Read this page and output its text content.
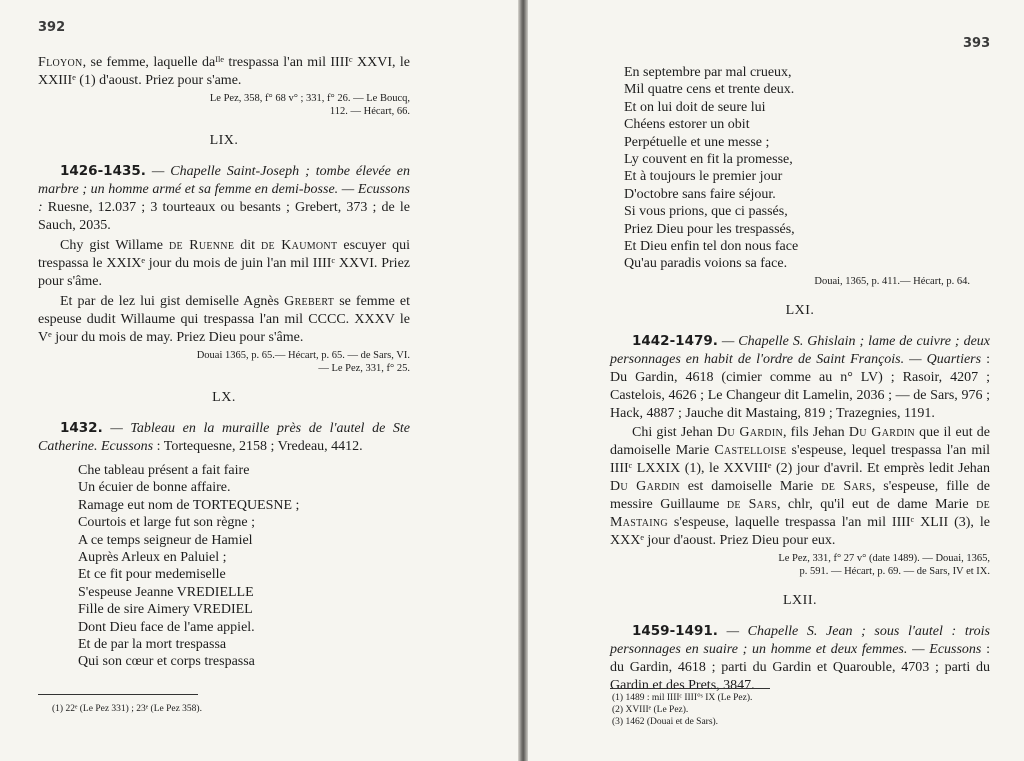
392

Floyon, se femme, laquelle daᴵˡᵉ trespassa l'an mil IIIIᶜ XXVI, le XXIIIᵉ (1) d'aoust. Priez pour s'ame.

Le Pez, 358, f° 68 v° ; 331, f° 26. — Le Boucq,
112. — Hécart, 66.
LIX.

1426-1435. — Chapelle Saint-Joseph ; tombe élevée en marbre ; un homme armé et sa femme en demi-bosse. — Ecussons : Ruesne, 12.037 ; 3 tourteaux ou besants ; Grebert, 373 ; de le Sauch, 2035.

Chy gist Willame de Ruenne dit de Kaumont escuyer qui trespassa le XXIXᵉ jour du mois de juin l'an mil IIIIᶜ XXVI. Priez pour s'âme.

Et par de lez lui gist demiselle Agnès Grebert se femme et espeuse dudit Willaume qui trespassa l'an mil CCCC. XXXV le Vᵉ jour du mois de may. Priez Dieu pour s'âme.

Douai 1365, p. 65.— Hécart, p. 65. — de Sars, VI.
— Le Pez, 331, f° 25.
LX.

1432. — Tableau en la muraille près de l'autel de Ste Catherine. Ecussons : Tortequesne, 2158 ; Vredeau, 4412.

Che tableau présent a fait faire
Un écuier de bonne affaire.
Ramage eut nom de TORTEQUESNE ;
Courtois et large fut son règne ;
A ce temps seigneur de Hamiel
Auprès Arleux en Paluiel ;
Et ce fit pour medemiselle
S'espeuse Jeanne VREDIELLE
Fille de sire Aimery VREDIEL
Dont Dieu face de l'ame appiel.
Et de par la mort trespassa
Qui son cœur et corps trespassa
(1) 22ᵉ (Le Pez 331) ; 23ᵉ (Le Pez 358).
393
En septembre par mal crueux,
Mil quatre cens et trente deux.
Et on lui doit de seure lui
Chéens estorer un obit
Perpétuelle et une messe ;
Ly couvent en fit la promesse,
Et à toujours le premier jour
D'octobre sans faire séjour.
Si vous prions, que ci passés,
Priez Dieu pour les trespassés,
Et Dieu enfin tel don nous face
Qu'au paradis voions sa face.
Douai, 1365, p. 411.— Hécart, p. 64.
LXI.

1442-1479. — Chapelle S. Ghislain ; lame de cuivre ; deux personnages en habit de l'ordre de Saint François. — Quartiers : Du Gardin, 4618 (cimier comme au n° LV) ; Rasoir, 4207 ; Castelois, 4626 ; Le Changeur dit Lamelin, 2036 ; — de Sars, 976 ; Hack, 4887 ; Jauche dit Mastaing, 819 ; Trazegnies, 1191.

Chi gist Jehan Du Gardin, fils Jehan Du Gardin que il eut de damoiselle Marie Castelloise s'espeuse, lequel trespassa l'an mil IIIIᶜ LXXIX (1), le XXVIIIᵉ (2) jour d'avril. Et emprès ledit Jehan Du Gardin est damoiselle Marie de Sars, s'espeuse, fille de messire Guillaume de Sars, chlr, qu'il eut de dame Marie de Mastaing s'espeuse, laquelle trespassa l'an mil IIIIᶜ XLII (3), le XXXᵉ jour d'aoust. Priez Dieu pour eux.

Le Pez, 331, f° 27 v° (date 1489). — Douai, 1365,
p. 591. — Hécart, p. 69. — de Sars, IV et IX.
LXII.

1459-1491. — Chapelle S. Jean ; sous l'autel : trois personnages en suaire ; un homme et deux femmes. — Ecussons : du Gardin, 4618 ; parti du Gardin et Quarouble, 4703 ; parti du Gardin et des Prets, 3847.

(1) 1489 : mil IIIIᶜ IIII°ˢ IX (Le Pez).
(2) XVIIIᵉ (Le Pez).
(3) 1462 (Douai et de Sars).
